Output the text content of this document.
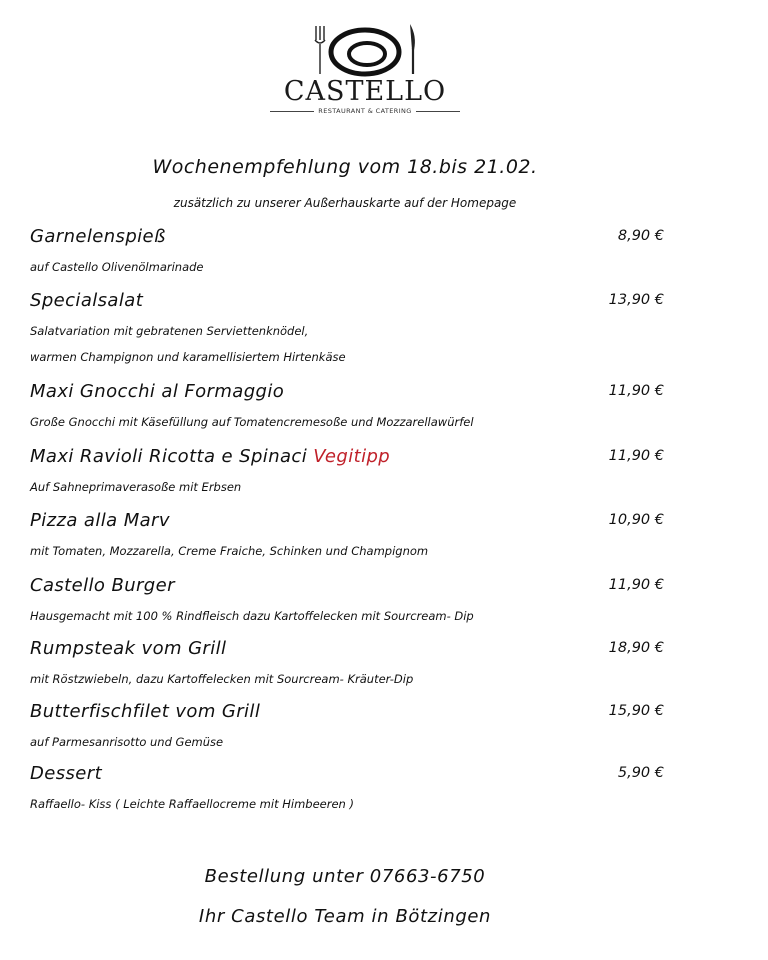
CASTELLO
RESTAURANT & CATERING
Wochenempfehlung vom 18.bis 21.02.
zusätzlich zu unserer Außerhauskarte auf der Homepage
Garnelenspieß	8,90 €
auf Castello Olivenölmarinade
Specialsalat	13,90 €
Salatvariation mit gebratenen Serviettenknödel,
warmen Champignon und karamellisiertem Hirtenkäse
Maxi Gnocchi al Formaggio	11,90 €
Große Gnocchi mit Käsefüllung auf Tomatencremesoße und Mozzarellawürfel
Maxi Ravioli Ricotta e Spinaci Vegitipp	11,90 €
Auf Sahneprimaverasoße mit Erbsen
Pizza alla Marv	10,90 €
mit Tomaten, Mozzarella, Creme Fraiche, Schinken und Champignom
Castello Burger	11,90 €
Hausgemacht mit 100 % Rindfleisch dazu Kartoffelecken mit Sourcream- Dip
Rumpsteak vom Grill	18,90 €
mit Röstzwiebeln, dazu Kartoffelecken mit Sourcream- Kräuter-Dip
Butterfischfilet vom Grill	15,90 €
auf Parmesanrisotto und Gemüse
Dessert	5,90 €
Raffaello- Kiss ( Leichte Raffaellocreme mit Himbeeren )
Bestellung unter 07663-6750
Ihr Castello Team in Bötzingen
